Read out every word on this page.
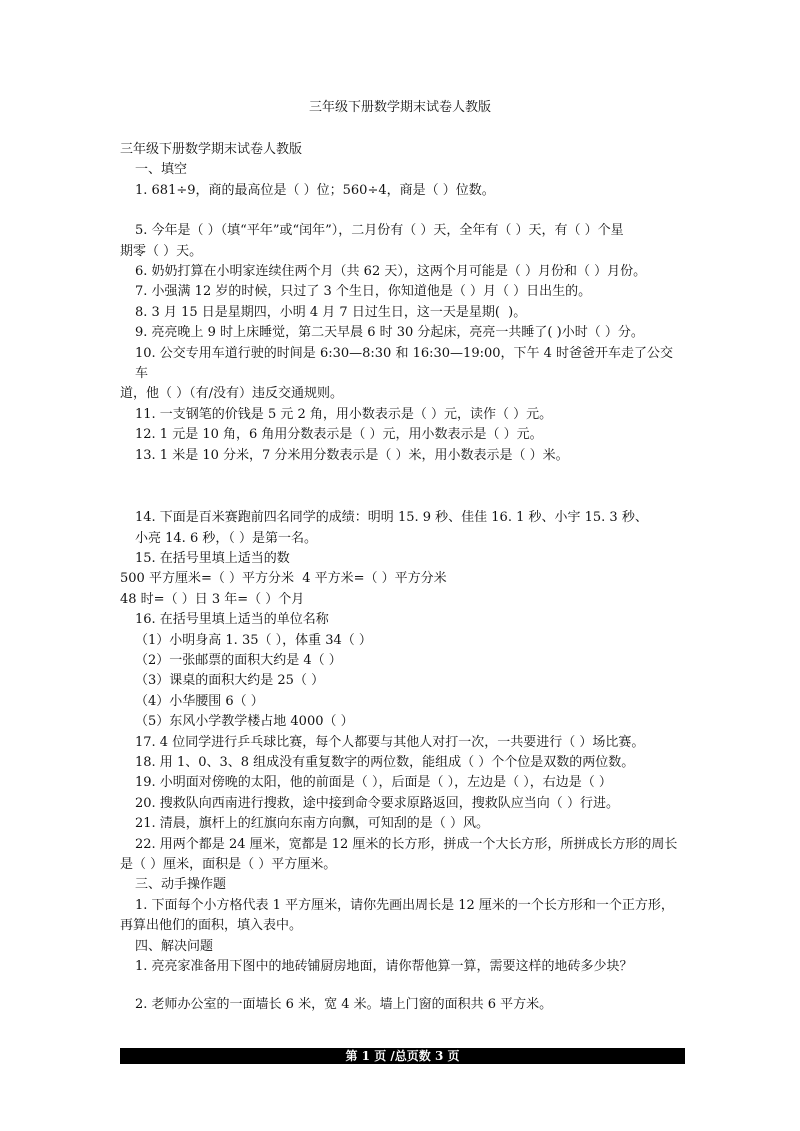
三年级下册数学期末试卷人教版
三年级下册数学期末试卷人教版
一、填空
1. 681÷9，商的最高位是（ ）位；560÷4，商是（ ）位数。
5. 今年是（ ）（填“平年”或“闰年”），二月份有（ ）天，全年有（ ）天，有（ ）个星
期零（ ）天。
6. 奶奶打算在小明家连续住两个月（共 62 天），这两个月可能是（ ）月份和（ ）月份。
7. 小强满 12 岁的时候，只过了 3 个生日，你知道他是（ ）月（ ）日出生的。
8. 3 月 15 日是星期四，小明 4 月 7 日过生日，这一天是星期(  )。
9. 亮亮晚上 9 时上床睡觉，第二天早晨 6 时 30 分起床，亮亮一共睡了( )小时（ ）分。
10. 公交专用车道行驶的时间是 6:30—8:30 和 16:30—19:00，下午 4 时爸爸开车走了公交车
道，他（ ）（有/没有）违反交通规则。
11. 一支钢笔的价钱是 5 元 2 角，用小数表示是（ ）元，读作（ ）元。
12. 1 元是 10 角，6 角用分数表示是（ ）元，用小数表示是（ ）元。
13. 1 米是 10 分米，7 分米用分数表示是（ ）米，用小数表示是（ ）米。
14. 下面是百米赛跑前四名同学的成绩：明明 15. 9 秒、佳佳 16. 1 秒、小宇 15. 3 秒、
小亮 14. 6 秒，（ ）是第一名。
15. 在括号里填上适当的数
500 平方厘米=（ ）平方分米  4 平方米=（ ）平方分米
48 时=（ ）日 3 年=（ ）个月
16. 在括号里填上适当的单位名称
（1）小明身高 1. 35（ ），体重 34（ ）
（2）一张邮票的面积大约是 4（ ）
（3）课桌的面积大约是 25（ ）
（4）小华腰围 6（ ）
（5）东风小学教学楼占地 4000（ ）
17. 4 位同学进行乒乓球比赛，每个人都要与其他人对打一次，一共要进行（ ）场比赛。
18. 用 1、0、3、8 组成没有重复数字的两位数，能组成（ ）个个位是双数的两位数。
19. 小明面对傍晚的太阳，他的前面是（ ），后面是（ ），左边是（ ），右边是（ ）
20. 搜救队向西南进行搜救，途中接到命令要求原路返回，搜救队应当向（ ）行进。
21. 清晨，旗杆上的红旗向东南方向飘，可知刮的是（ ）风。
22. 用两个都是 24 厘米，宽都是 12 厘米的长方形，拼成一个大长方形，所拼成长方形的周长
是（ ）厘米，面积是（ ）平方厘米。
三、动手操作题
1. 下面每个小方格代表 1 平方厘米，请你先画出周长是 12 厘米的一个长方形和一个正方形，
再算出他们的面积，填入表中。
四、解决问题
1. 亮亮家准备用下图中的地砖铺厨房地面，请你帮他算一算，需要这样的地砖多少块？
2. 老师办公室的一面墙长 6 米，宽 4 米。墙上门窗的面积共 6 平方米。
第 1 页 /总页数 3 页
